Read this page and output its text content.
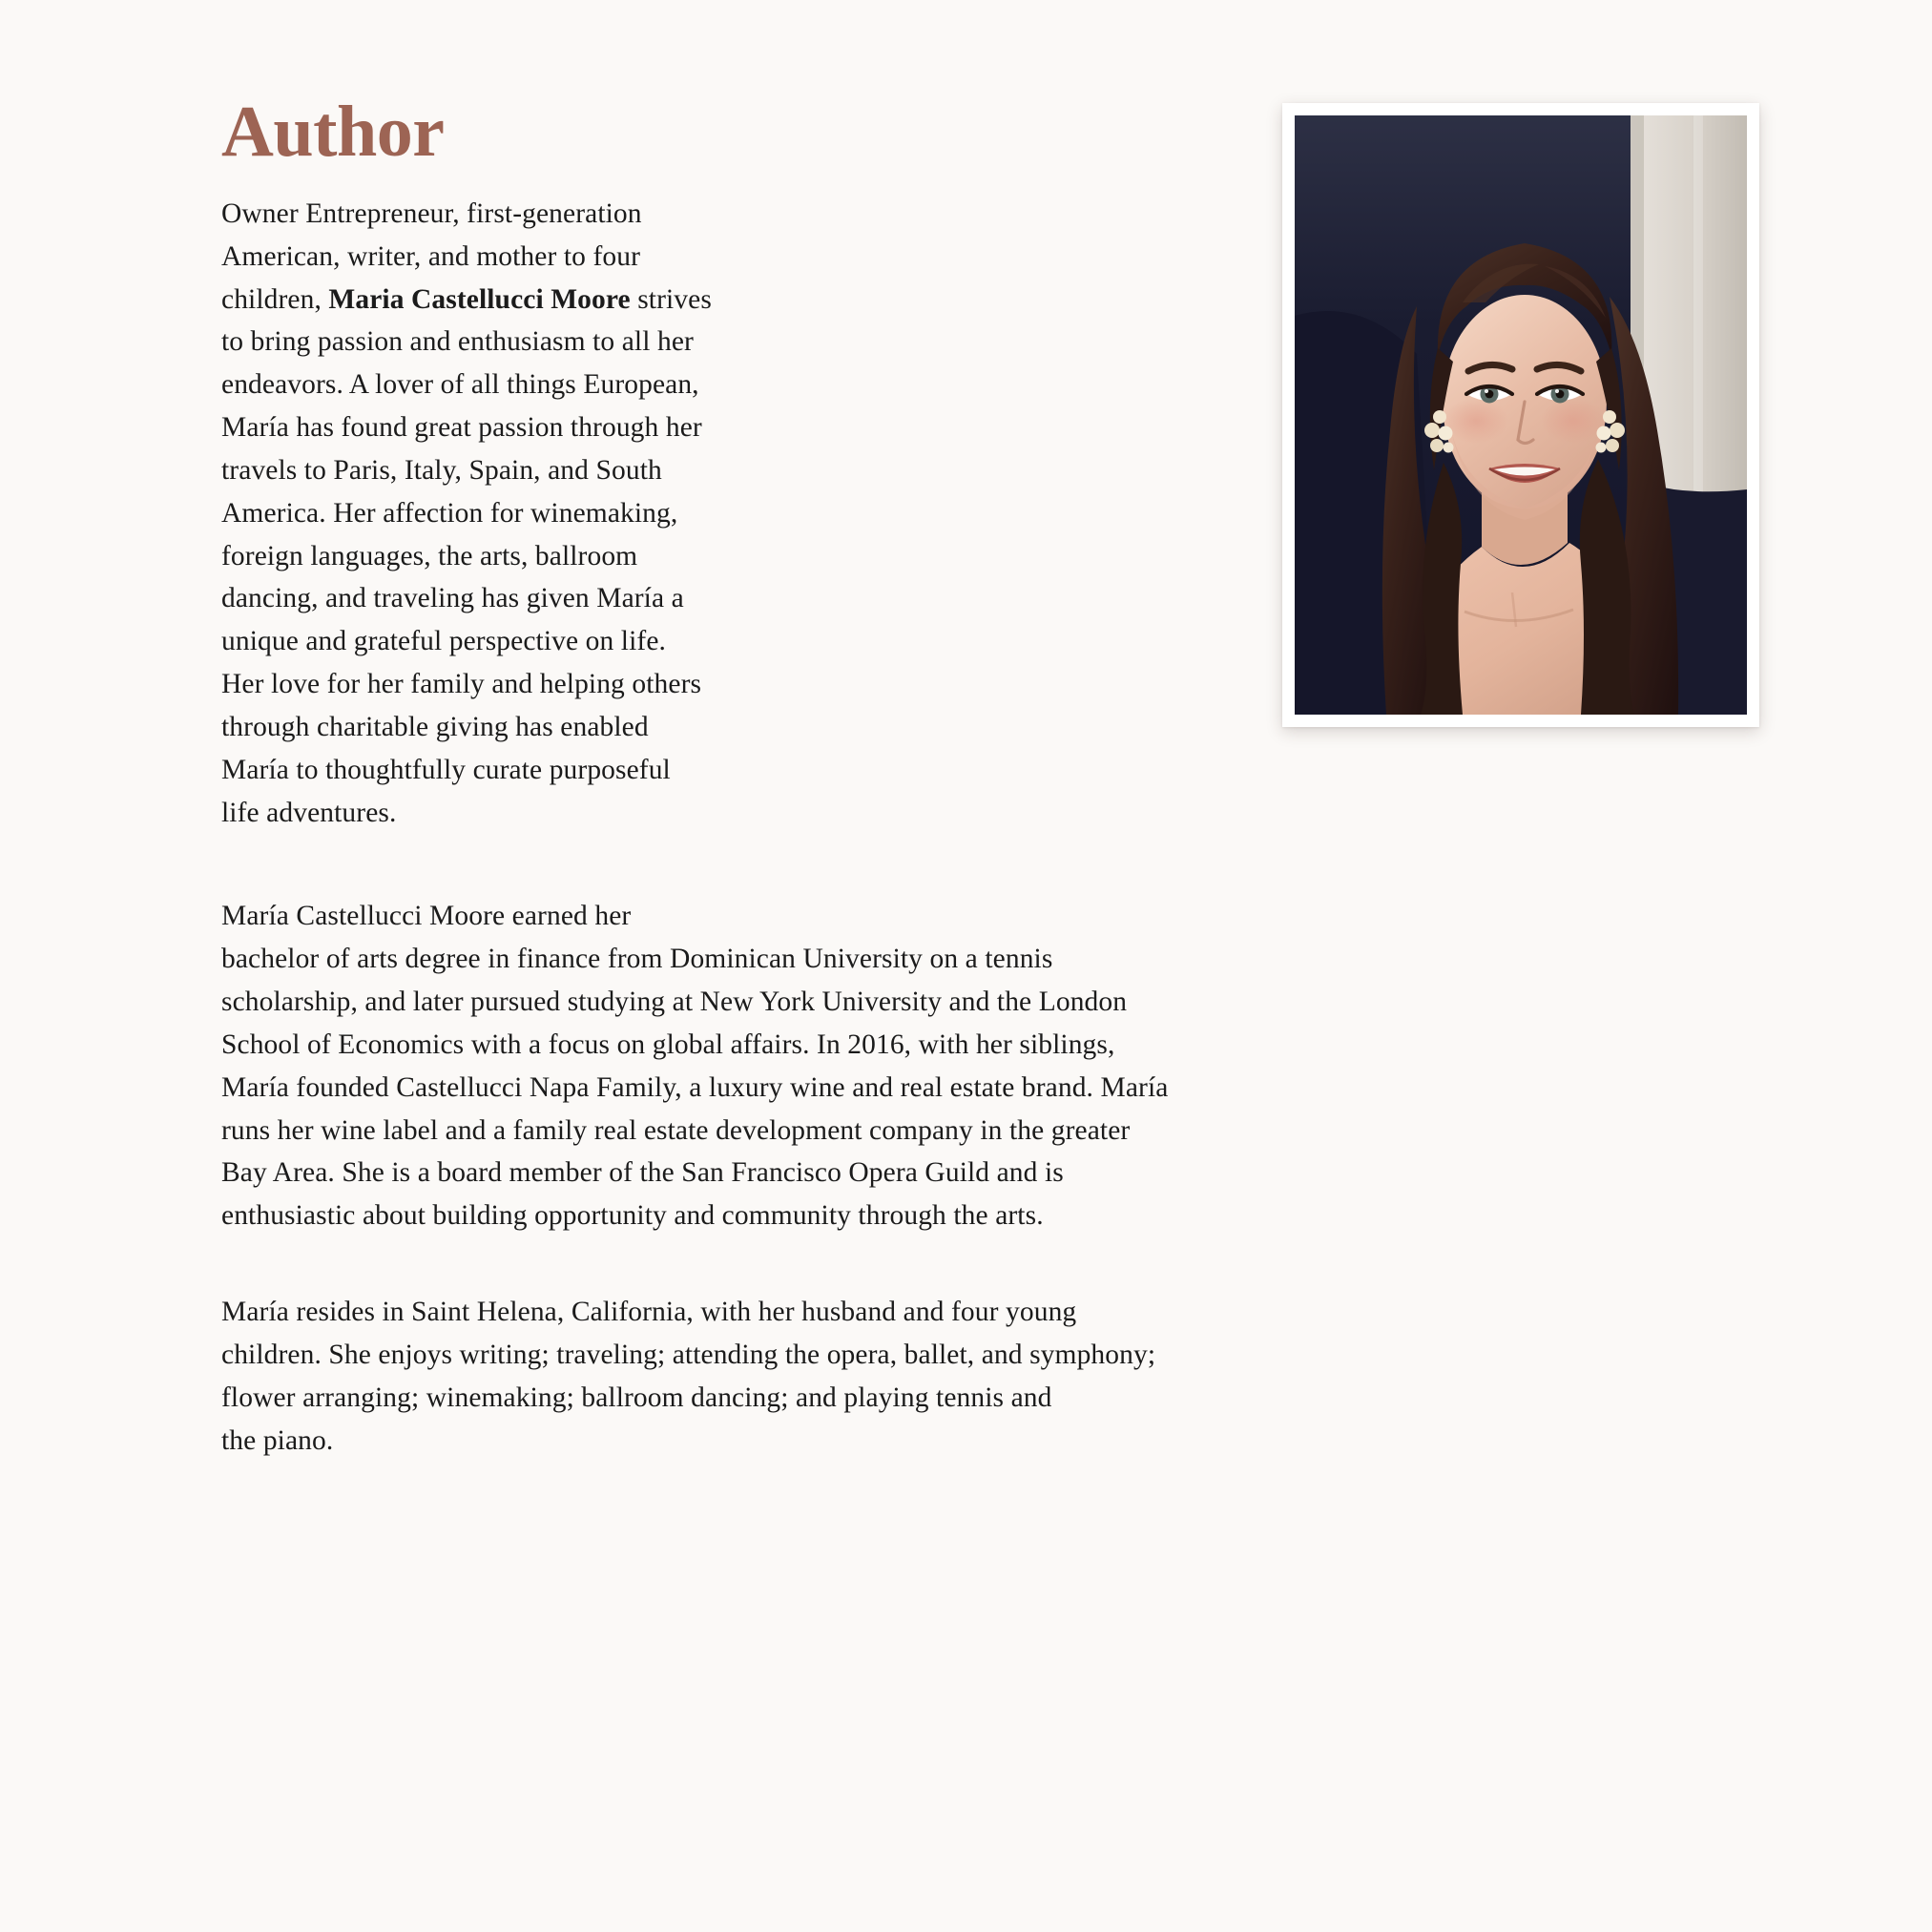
Author

Owner Entrepreneur, first-generation
American, writer, and mother to four
children, Maria Castellucci Moore strives
to bring passion and enthusiasm to all her
endeavors. A lover of all things European,
María has found great passion through her
travels to Paris, Italy, Spain, and South
America. Her affection for winemaking,
foreign languages, the arts, ballroom
dancing, and traveling has given María a
unique and grateful perspective on life.
Her love for her family and helping others
through charitable giving has enabled
María to thoughtfully curate purposeful
life adventures.

María Castellucci Moore earned her
bachelor of arts degree in finance from Dominican University on a tennis
scholarship, and later pursued studying at New York University and the London
School of Economics with a focus on global affairs. In 2016, with her siblings,
María founded Castellucci Napa Family, a luxury wine and real estate brand. María
runs her wine label and a family real estate development company in the greater
Bay Area. She is a board member of the San Francisco Opera Guild and is
enthusiastic about building opportunity and community through the arts.

María resides in Saint Helena, California, with her husband and four young
children. She enjoys writing; traveling; attending the opera, ballet, and symphony;
flower arranging; winemaking; ballroom dancing; and playing tennis and
the piano.
